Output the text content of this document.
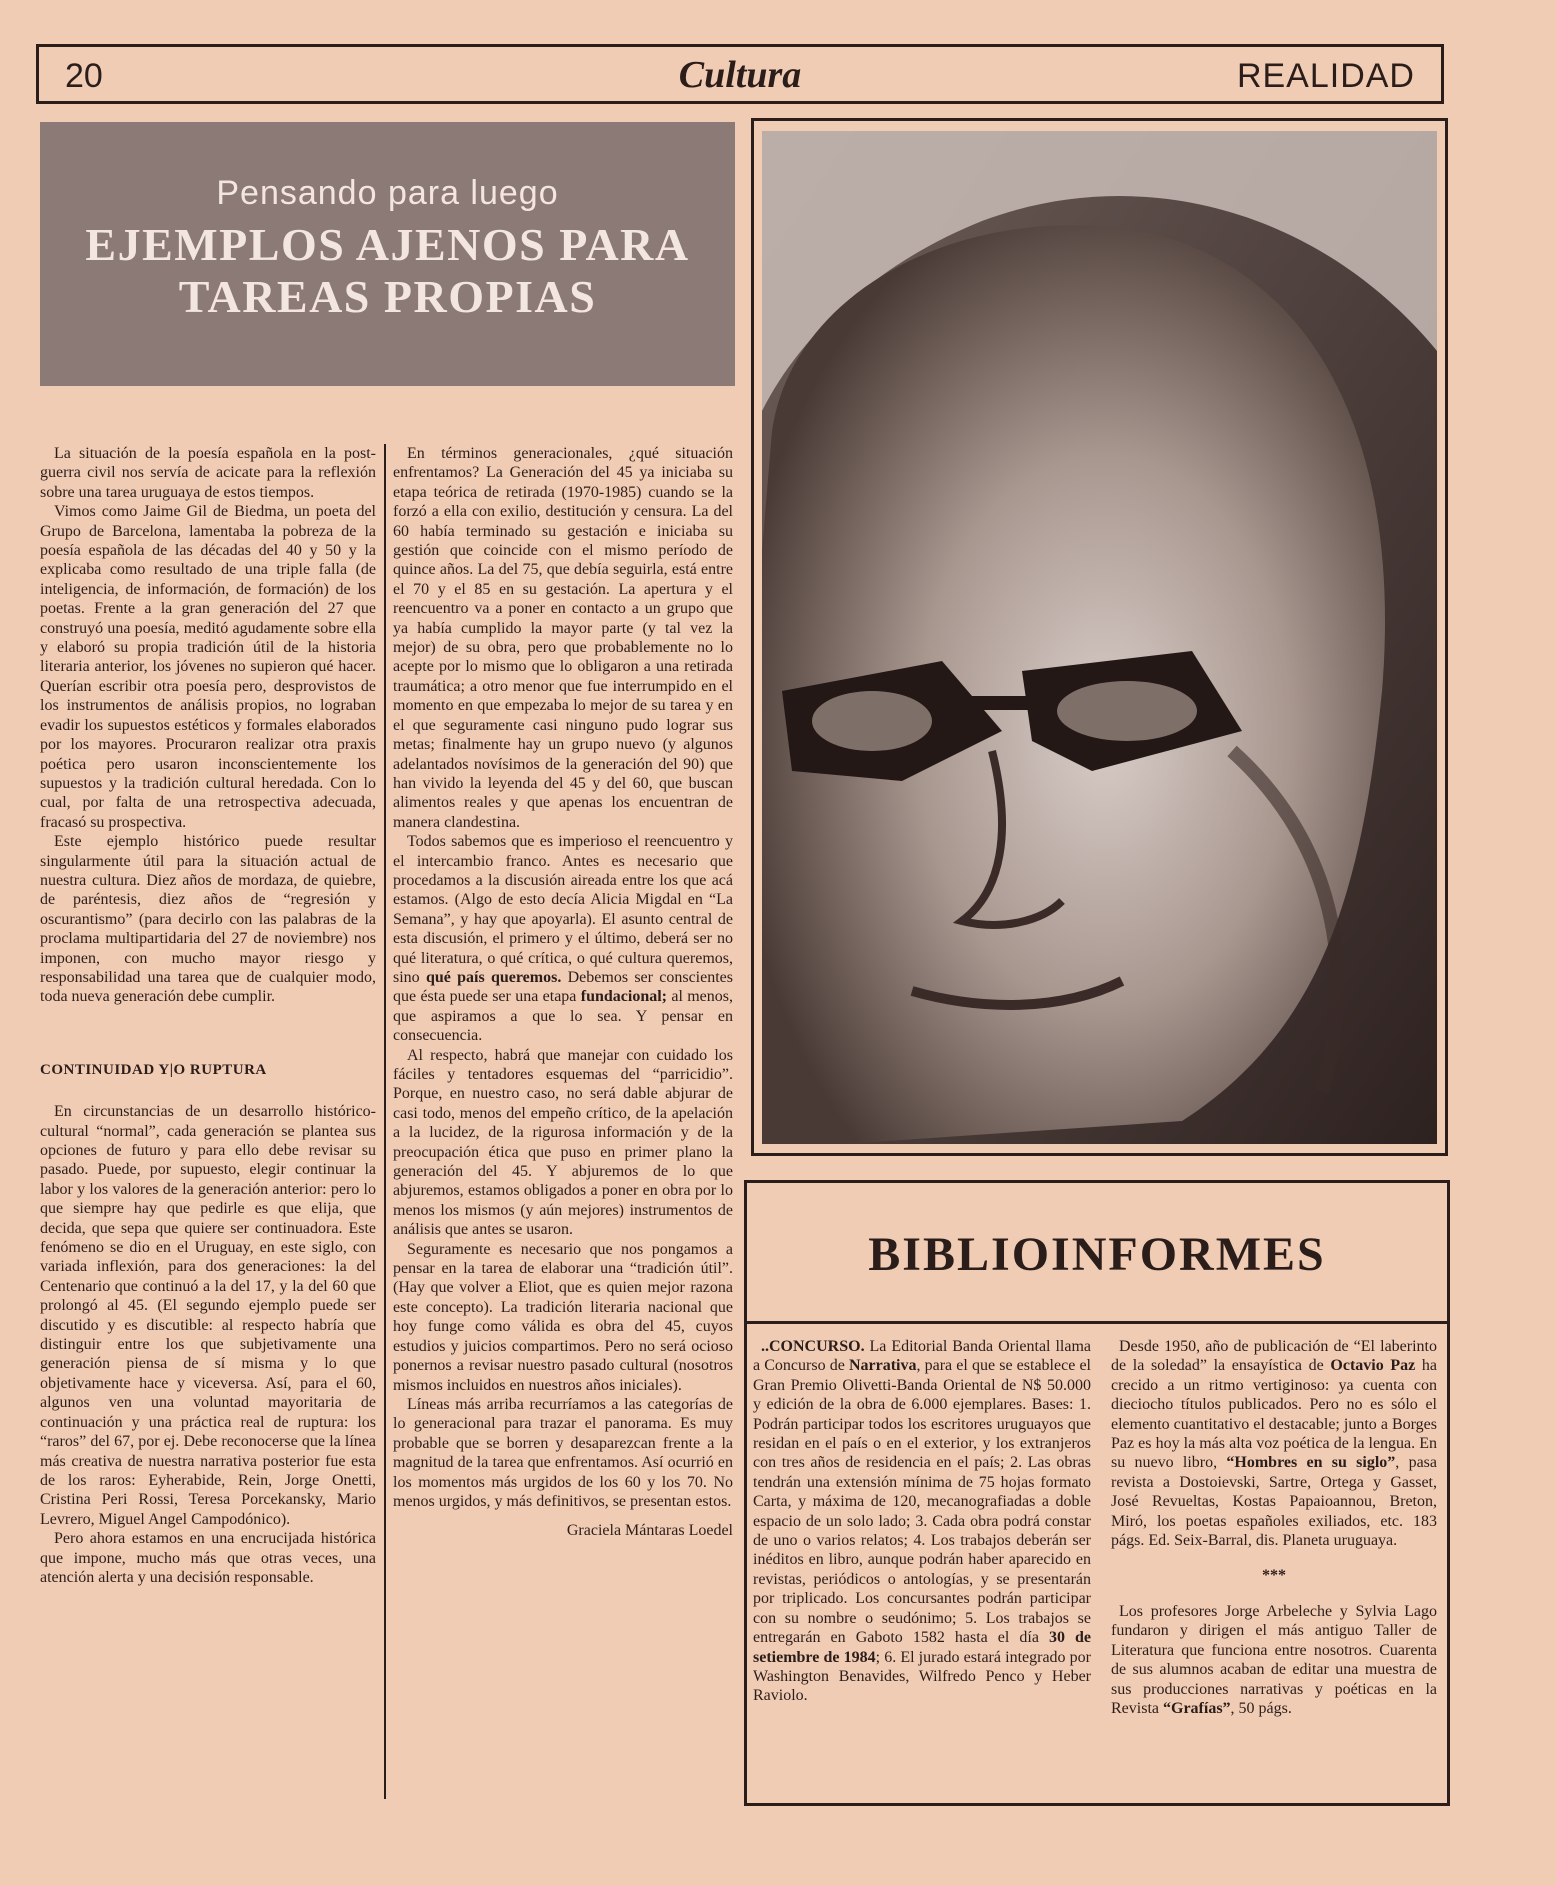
20	Cultura	REALIDAD
Pensando para luego
EJEMPLOS AJENOS PARA TAREAS PROPIAS

La situación de la poesía española en la post-guerra civil nos servía de acicate para la reflexión sobre una tarea uruguaya de estos tiempos.

Vimos como Jaime Gil de Biedma, un poeta del Grupo de Barcelona, lamentaba la pobreza de la poesía española de las décadas del 40 y 50 y la explicaba como resultado de una triple falla (de inteligencia, de información, de formación) de los poetas. Frente a la gran generación del 27 que construyó una poesía, meditó agudamente sobre ella y elaboró su propia tradición útil de la historia literaria anterior, los jóvenes no supieron qué hacer. Querían escribir otra poesía pero, desprovistos de los instrumentos de análisis propios, no lograban evadir los supuestos estéticos y formales elaborados por los mayores. Procuraron realizar otra praxis poética pero usaron inconscientemente los supuestos y la tradición cultural heredada. Con lo cual, por falta de una retrospectiva adecuada, fracasó su prospectiva.

Este ejemplo histórico puede resultar singularmente útil para la situación actual de nuestra cultura. Diez años de mordaza, de quiebre, de paréntesis, diez años de “regresión y oscurantismo” (para decirlo con las palabras de la proclama multipartidaria del 27 de noviembre) nos imponen, con mucho mayor riesgo y responsabilidad una tarea que de cualquier modo, toda nueva generación debe cumplir.

CONTINUIDAD Y|O RUPTURA

En circunstancias de un desarrollo histórico-cultural “normal”, cada generación se plantea sus opciones de futuro y para ello debe revisar su pasado. Puede, por supuesto, elegir continuar la labor y los valores de la generación anterior: pero lo que siempre hay que pedirle es que elija, que decida, que sepa que quiere ser continuadora. Este fenómeno se dio en el Uruguay, en este siglo, con variada inflexión, para dos generaciones: la del Centenario que continuó a la del 17, y la del 60 que prolongó al 45. (El segundo ejemplo puede ser discutido y es discutible: al respecto habría que distinguir entre los que subjetivamente una generación piensa de sí misma y lo que objetivamente hace y viceversa. Así, para el 60, algunos ven una voluntad mayoritaria de continuación y una práctica real de ruptura: los “raros” del 67, por ej. Debe reconocerse que la línea más creativa de nuestra narrativa posterior fue esta de los raros: Eyherabide, Rein, Jorge Onetti, Cristina Peri Rossi, Teresa Porcekansky, Mario Levrero, Miguel Angel Campodónico).

Pero ahora estamos en una encrucijada histórica que impone, mucho más que otras veces, una atención alerta y una decisión responsable.

En términos generacionales, ¿qué situación enfrentamos? La Generación del 45 ya iniciaba su etapa teórica de retirada (1970-1985) cuando se la forzó a ella con exilio, destitución y censura. La del 60 había terminado su gestación e iniciaba su gestión que coincide con el mismo período de quince años. La del 75, que debía seguirla, está entre el 70 y el 85 en su gestación. La apertura y el reencuentro va a poner en contacto a un grupo que ya había cumplido la mayor parte (y tal vez la mejor) de su obra, pero que probablemente no lo acepte por lo mismo que lo obligaron a una retirada traumática; a otro menor que fue interrumpido en el momento en que empezaba lo mejor de su tarea y en el que seguramente casi ninguno pudo lograr sus metas; finalmente hay un grupo nuevo (y algunos adelantados novísimos de la generación del 90) que han vivido la leyenda del 45 y del 60, que buscan alimentos reales y que apenas los encuentran de manera clandestina.

Todos sabemos que es imperioso el reencuentro y el intercambio franco. Antes es necesario que procedamos a la discusión aireada entre los que acá estamos. (Algo de esto decía Alicia Migdal en “La Semana”, y hay que apoyarla). El asunto central de esta discusión, el primero y el último, deberá ser no qué literatura, o qué crítica, o qué cultura queremos, sino qué país queremos. Debemos ser conscientes que ésta puede ser una etapa fundacional; al menos, que aspiramos a que lo sea. Y pensar en consecuencia.

Al respecto, habrá que manejar con cuidado los fáciles y tentadores esquemas del “parricidio”. Porque, en nuestro caso, no será dable abjurar de casi todo, menos del empeño crítico, de la apelación a la lucidez, de la rigurosa información y de la preocupación ética que puso en primer plano la generación del 45. Y abjuremos de lo que abjuremos, estamos obligados a poner en obra por lo menos los mismos (y aún mejores) instrumentos de análisis que antes se usaron.

Seguramente es necesario que nos pongamos a pensar en la tarea de elaborar una “tradición útil”. (Hay que volver a Eliot, que es quien mejor razona este concepto). La tradición literaria nacional que hoy funge como válida es obra del 45, cuyos estudios y juicios compartimos. Pero no será ocioso ponernos a revisar nuestro pasado cultural (nosotros mismos incluidos en nuestros años iniciales).

Líneas más arriba recurríamos a las categorías de lo generacional para trazar el panorama. Es muy probable que se borren y desaparezcan frente a la magnitud de la tarea que enfrentamos. Así ocurrió en los momentos más urgidos de los 60 y los 70. No menos urgidos, y más definitivos, se presentan estos.

Graciela Mántaras Loedel

BIBLIOINFORMES

..CONCURSO. La Editorial Banda Oriental llama a Concurso de Narrativa, para el que se establece el Gran Premio Olivetti-Banda Oriental de N$ 50.000 y edición de la obra de 6.000 ejemplares. Bases: 1. Podrán participar todos los escritores uruguayos que residan en el país o en el exterior, y los extranjeros con tres años de residencia en el país; 2. Las obras tendrán una extensión mínima de 75 hojas formato Carta, y máxima de 120, mecanografiadas a doble espacio de un solo lado; 3. Cada obra podrá constar de uno o varios relatos; 4. Los trabajos deberán ser inéditos en libro, aunque podrán haber aparecido en revistas, periódicos o antologías, y se presentarán por triplicado. Los concursantes podrán participar con su nombre o seudónimo; 5. Los trabajos se entregarán en Gaboto 1582 hasta el día 30 de setiembre de 1984; 6. El jurado estará integrado por Washington Benavides, Wilfredo Penco y Heber Raviolo.

Desde 1950, año de publicación de “El laberinto de la soledad” la ensayística de Octavio Paz ha crecido a un ritmo vertiginoso: ya cuenta con dieciocho títulos publicados. Pero no es sólo el elemento cuantitativo el destacable; junto a Borges Paz es hoy la más alta voz poética de la lengua. En su nuevo libro, “Hombres en su siglo”, pasa revista a Dostoievski, Sartre, Ortega y Gasset, José Revueltas, Kostas Papaioannou, Breton, Miró, los poetas españoles exiliados, etc. 183 págs. Ed. Seix-Barral, dis. Planeta uruguaya.

***

Los profesores Jorge Arbeleche y Sylvia Lago fundaron y dirigen el más antiguo Taller de Literatura que funciona entre nosotros. Cuarenta de sus alumnos acaban de editar una muestra de sus producciones narrativas y poéticas en la Revista “Grafías”, 50 págs.
